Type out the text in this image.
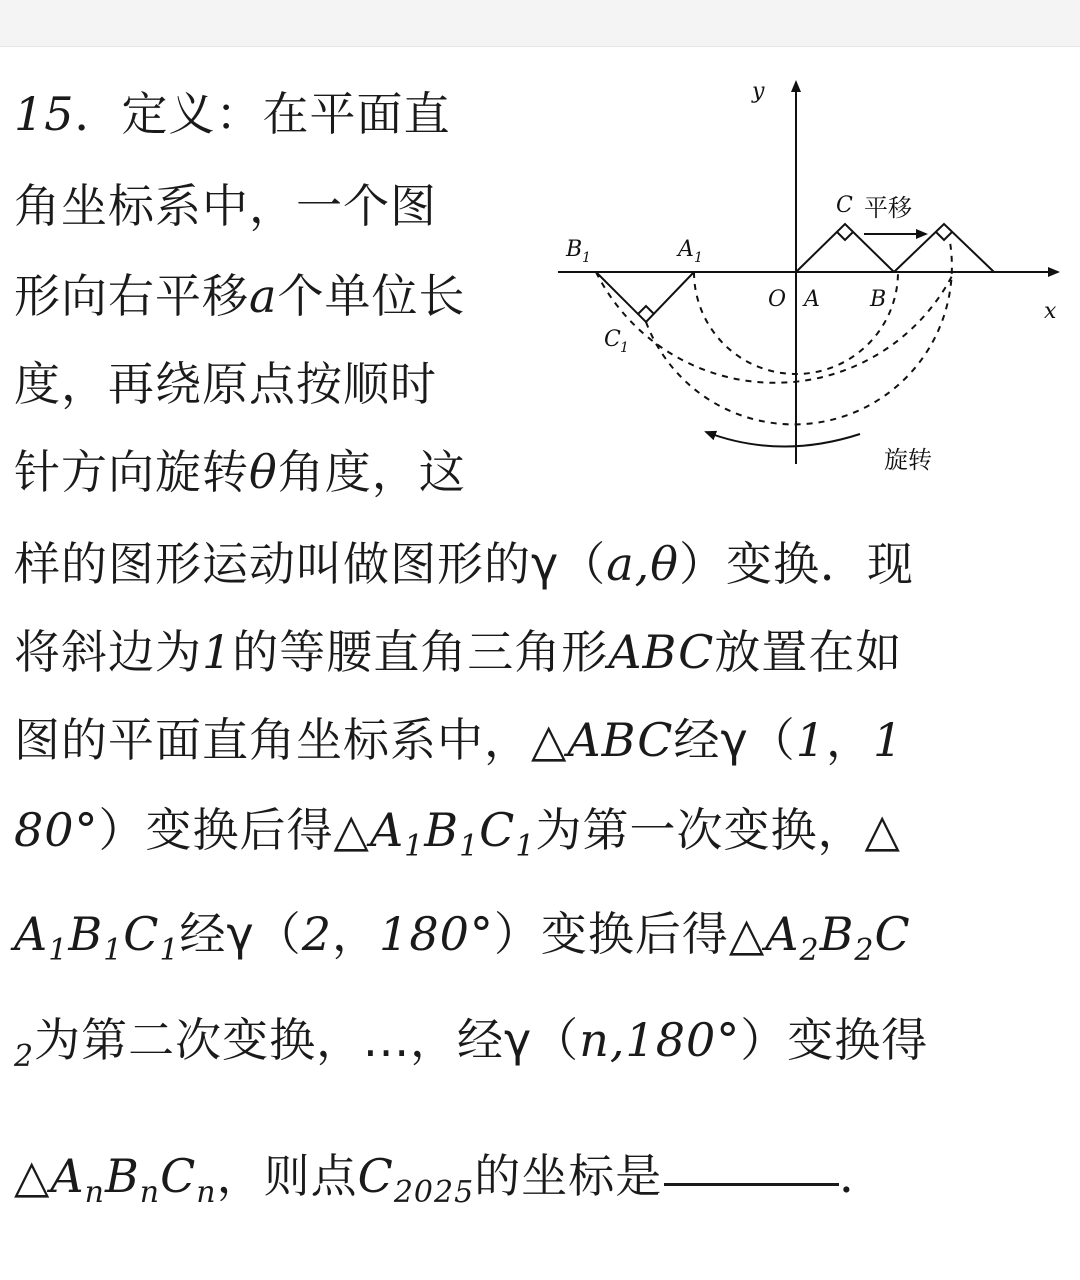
15．定义：在平面直
角坐标系中，一个图
形向右平移a个单位长
度，再绕原点按顺时
针方向旋转θ角度，这
样的图形运动叫做图形的γ（a,θ）变换．现
将斜边为1的等腰直角三角形ABC放置在如
图的平面直角坐标系中，△ABC经γ（1，1
80°）变换后得$\triangle A_1B_1C_1$为第一次变换，△
$A_1B_1C_1$经γ（2，180°）变换后得$\triangle A_2B_2C$
$_2$为第二次变换，...，经γ（n,180°）变换得
$\triangle A_nB_nC_n$，则点$C_{2025}$的坐标是	．
y
x
O A B
C
B 1	A 1
C 1
平移
旋转
